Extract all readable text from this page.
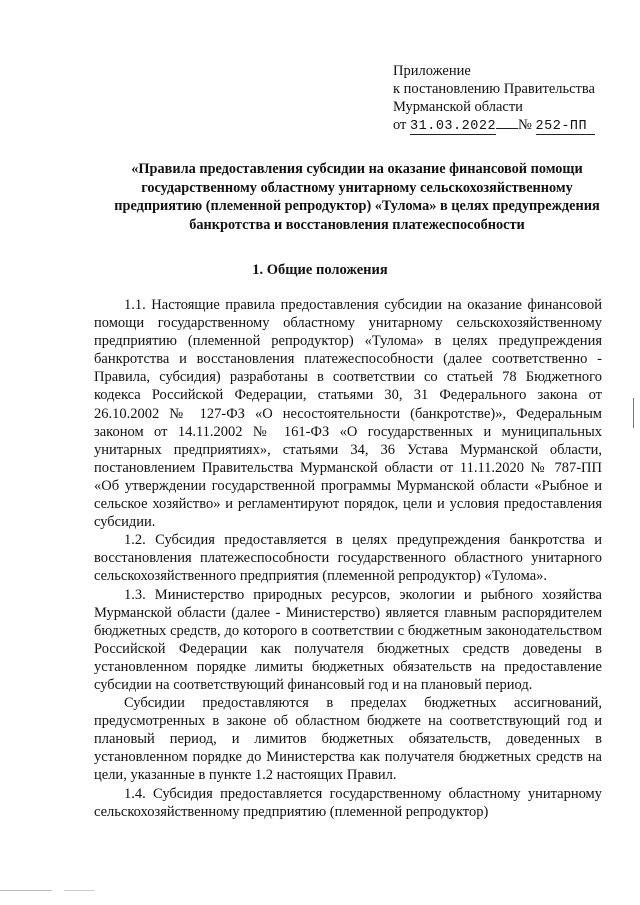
Приложение
к постановлению Правительства
Мурманской области
от 31.03.2022 № 252-ПП
«Правила предоставления субсидии на оказание финансовой помощи государственному областному унитарному сельскохозяйственному предприятию (племенной репродуктор) «Тулома» в целях предупреждения банкротства и восстановления платежеспособности
1. Общие положения

1.1. Настоящие правила предоставления субсидии на оказание финансовой помощи государственному областному унитарному сельскохозяйственному предприятию (племенной репродуктор) «Тулома» в целях предупреждения банкротства и восстановления платежеспособности (далее соответственно - Правила, субсидия) разработаны в соответствии со статьей 78 Бюджетного кодекса Российской Федерации, статьями 30, 31 Федерального закона от 26.10.2002 № 127-ФЗ «О несостоятельности (банкротстве)», Федеральным законом от 14.11.2002 № 161-ФЗ «О государственных и муниципальных унитарных предприятиях», статьями 34, 36 Устава Мурманской области, постановлением Правительства Мурманской области от 11.11.2020 № 787-ПП «Об утверждении государственной программы Мурманской области «Рыбное и сельское хозяйство» и регламентируют порядок, цели и условия предоставления субсидии.

1.2. Субсидия предоставляется в целях предупреждения банкротства и восстановления платежеспособности государственного областного унитарного сельскохозяйственного предприятия (племенной репродуктор) «Тулома».

1.3. Министерство природных ресурсов, экологии и рыбного хозяйства Мурманской области (далее - Министерство) является главным распорядителем бюджетных средств, до которого в соответствии с бюджетным законодательством Российской Федерации как получателя бюджетных средств доведены в установленном порядке лимиты бюджетных обязательств на предоставление субсидии на соответствующий финансовый год и на плановый период.

Субсидии предоставляются в пределах бюджетных ассигнований, предусмотренных в законе об областном бюджете на соответствующий год и плановый период, и лимитов бюджетных обязательств, доведенных в установленном порядке до Министерства как получателя бюджетных средств на цели, указанные в пункте 1.2 настоящих Правил.

1.4. Субсидия предоставляется государственному областному унитарному сельскохозяйственному предприятию (племенной репродуктор)
